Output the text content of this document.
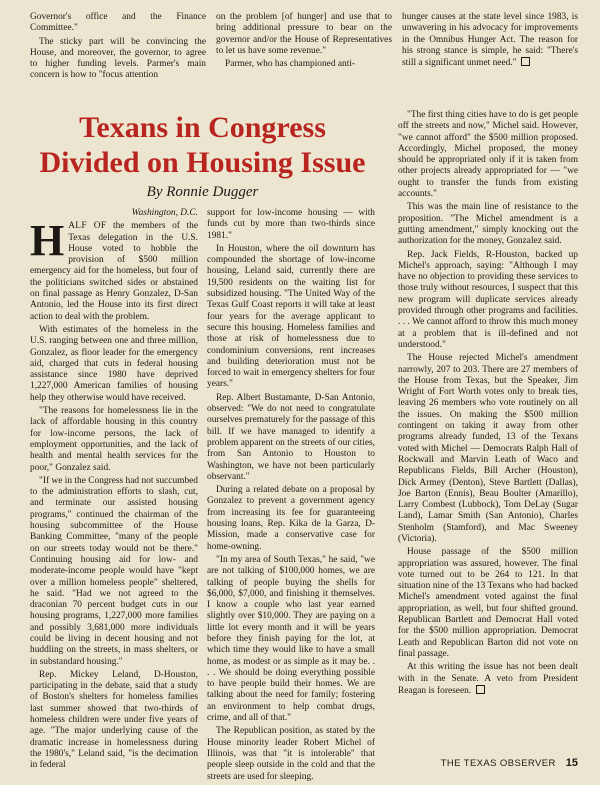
Governor's office and the Finance Committee."

The sticky part will be convincing the House, and moreover, the governor, to agree to higher funding levels. Parmer's main concern is how to "focus attention

on the problem [of hunger] and use that to bring additional pressure to bear on the governor and/or the House of Representatives to let us have some revenue."

Parmer, who has championed anti-

hunger causes at the state level since 1983, is unwavering in his advocacy for improvements in the Omnibus Hunger Act. The reason for his strong stance is simple, he said: "There's still a significant unmet need."

Texans in Congress Divided on Housing Issue
By Ronnie Dugger

Washington, D.C.

HALF OF the members of the Texas delegation in the U.S. House voted to hobble the provision of $500 million emergency aid for the homeless, but four of the politicians switched sides or abstained on final passage as Henry Gonzalez, D-San Antonio, led the House into its first direct action to deal with the problem.

With estimates of the homeless in the U.S. ranging between one and three million, Gonzalez, as floor leader for the emergency aid, charged that cuts in federal housing assistance since 1980 have deprived 1,227,000 American families of housing help they otherwise would have received.

"The reasons for homelessness lie in the lack of affordable housing in this country for low-income persons, the lack of employment opportunities, and the lack of health and mental health services for the poor," Gonzalez said.

"If we in the Congress had not succumbed to the administration efforts to slash, cut, and terminate our assisted housing programs," continued the chairman of the housing subcommittee of the House Banking Committee, "many of the people on our streets today would not be there." Continuing housing aid for low- and moderate-income people would have "kept over a million homeless people" sheltered, he said. "Had we not agreed to the draconian 70 percent budget cuts in our housing programs, 1,227,000 more families and possibly 3,681,000 more individuals could be living in decent housing and not huddling on the streets, in mass shelters, or in substandard housing."

Rep. Mickey Leland, D-Houston, participating in the debate, said that a study of Boston's shelters for homeless families last summer showed that two-thirds of homeless children were under five years of age. "The major underlying cause of the dramatic increase in homelessness during the 1980's," Leland said, "is the decimation in federal

support for low-income housing — with funds cut by more than two-thirds since 1981."

In Houston, where the oil downturn has compounded the shortage of low-income housing, Leland said, currently there are 19,500 residents on the waiting list for subsidized housing. "The United Way of the Texas Gulf Coast reports it will take at least four years for the average applicant to secure this housing. Homeless families and those at risk of homelessness due to condominium conversions, rent increases and building deterioration must not be forced to wait in emergency shelters for four years."

Rep. Albert Bustamante, D-San Antonio, observed: "We do not need to congratulate ourselves prematurely for the passage of this bill. If we have managed to identify a problem apparent on the streets of our cities, from San Antonio to Houston to Washington, we have not been particularly observant."

During a related debate on a proposal by Gonzalez to prevent a government agency from increasing its fee for guaranteeing housing loans, Rep. Kika de la Garza, D-Mission, made a conservative case for home-owning.

"In my area of South Texas," he said, "we are not talking of $100,000 homes, we are talking of people buying the shells for $6,000, $7,000, and finishing it themselves. I know a couple who last year earned slightly over $10,000. They are paying on a little lot every month and it will be years before they finish paying for the lot, at which time they would like to have a small home, as modest or as simple as it may be. . . . We should be doing everything possible to have people build their homes. We are talking about the need for family; fostering an environment to help combat drugs, crime, and all of that."

The Republican position, as stated by the House minority leader Robert Michel of Illinois, was that "it is intolerable" that people sleep outside in the cold and that the streets are used for sleeping.

"The first thing cities have to do is get people off the streets and now," Michel said. However, "we cannot afford" the $500 million proposed. Accordingly, Michel proposed, the money should be appropriated only if it is taken from other projects already appropriated for — "we ought to transfer the funds from existing accounts."

This was the main line of resistance to the proposition. "The Michel amendment is a gutting amendment," simply knocking out the authorization for the money, Gonzalez said.

Rep. Jack Fields, R-Houston, backed up Michel's approach, saying: "Although I may have no objection to providing these services to those truly without resources, I suspect that this new program will duplicate services already provided through other programs and facilities. . . . We cannot afford to throw this much money at a problem that is ill-defined and not understood."

The House rejected Michel's amendment narrowly, 207 to 203. There are 27 members of the House from Texas, but the Speaker, Jim Wright of Fort Worth votes only to break ties, leaving 26 members who vote routinely on all the issues. On making the $500 million contingent on taking it away from other programs already funded, 13 of the Texans voted with Michel — Democrats Ralph Hall of Rockwall and Marvin Leath of Waco and Republicans Fields, Bill Archer (Houston), Dick Armey (Denton), Steve Bartlett (Dallas), Joe Barton (Ennis), Beau Boulter (Amarillo), Larry Combest (Lubbock), Tom DeLay (Sugar Land), Lamar Smith (San Antonio), Charles Stenholm (Stamford), and Mac Sweeney (Victoria).

House passage of the $500 million appropriation was assured, however. The final vote turned out to be 264 to 121. In that situation nine of the 13 Texans who had backed Michel's amendment voted against the final appropriation, as well, but four shifted ground. Republican Bartlett and Democrat Hall voted for the $500 million appropriation. Democrat Leath and Republican Barton did not vote on final passage.

At this writing the issue has not been dealt with in the Senate. A veto from President Reagan is foreseen.

THE TEXAS OBSERVER 15
